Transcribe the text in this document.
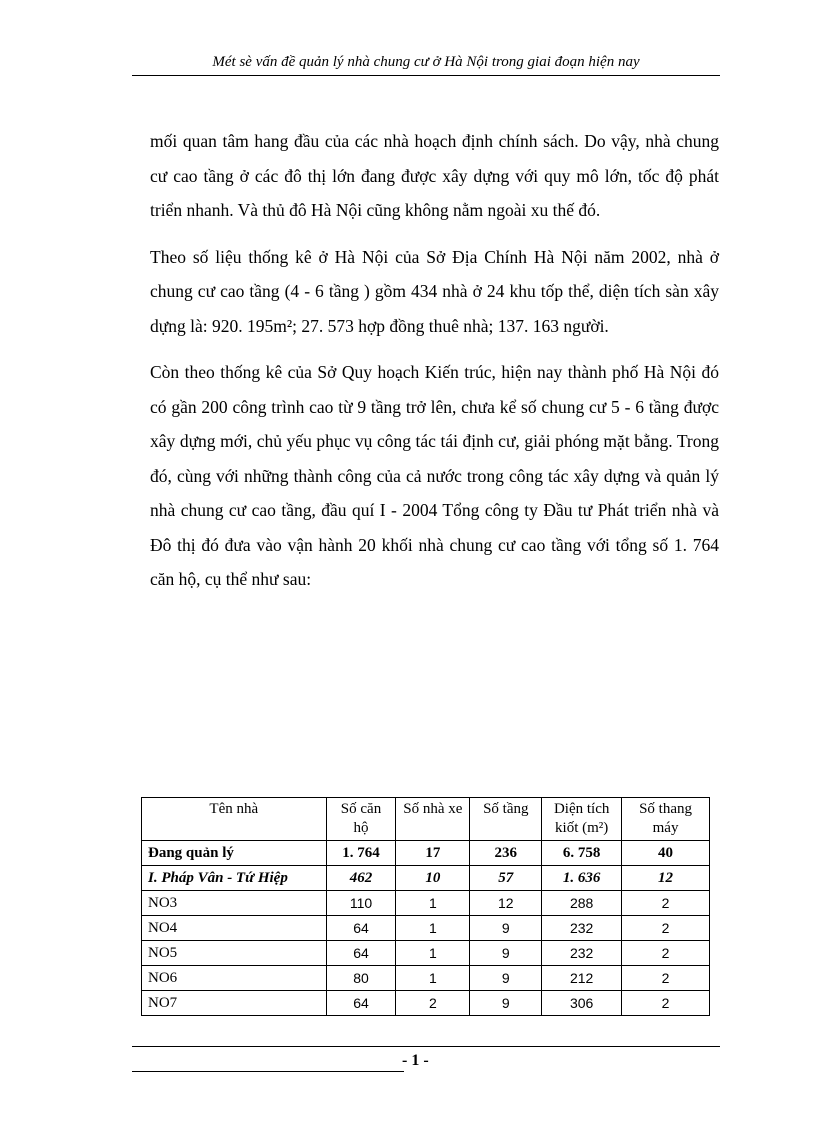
Mét sè vấn đề quản lý nhà chung cư ở Hà Nội trong giai đoạn hiện nay

mối quan tâm hang đầu của các nhà hoạch định chính sách. Do vậy, nhà chung cư cao tầng ở các đô thị lớn đang được xây dựng với quy mô lớn, tốc độ phát triển nhanh. Và thủ đô Hà Nội cũng không nằm ngoài xu thế đó.

Theo số liệu thống kê ở Hà Nội của Sở Địa Chính Hà Nội năm 2002, nhà ở chung cư cao tầng (4 - 6 tầng ) gồm 434 nhà ở 24 khu tốp thể, diện tích sàn xây dựng là: 920. 195m²; 27. 573 hợp đồng thuê nhà; 137. 163 người.

Còn theo thống kê của Sở Quy hoạch Kiến trúc, hiện nay thành phố Hà Nội đó có gần 200 công trình cao từ 9 tầng trở lên, chưa kể số chung cư 5 - 6 tầng được xây dựng mới, chủ yếu phục vụ công tác tái định cư, giải phóng mặt bằng. Trong đó, cùng với những thành công của cả nước trong công tác xây dựng và quản lý nhà chung cư cao tầng, đầu quí I - 2004 Tổng công ty Đầu tư Phát triển nhà và Đô thị đó đưa vào vận hành 20 khối nhà chung cư cao tầng với tổng số 1. 764 căn hộ, cụ thể như sau:

Tên nhà	Số căn hộ	Số nhà xe	Số tầng	Diện tích kiốt (m²)	Số thang máy
Đang quản lý	1. 764	17	236	6. 758	40
I. Pháp Vân - Tứ Hiệp	462	10	57	1. 636	12
NO3	110	1	12	288	2
NO4	64	1	9	232	2
NO5	64	1	9	232	2
NO6	80	1	9	212	2
NO7	64	2	9	306	2
- 1 -
